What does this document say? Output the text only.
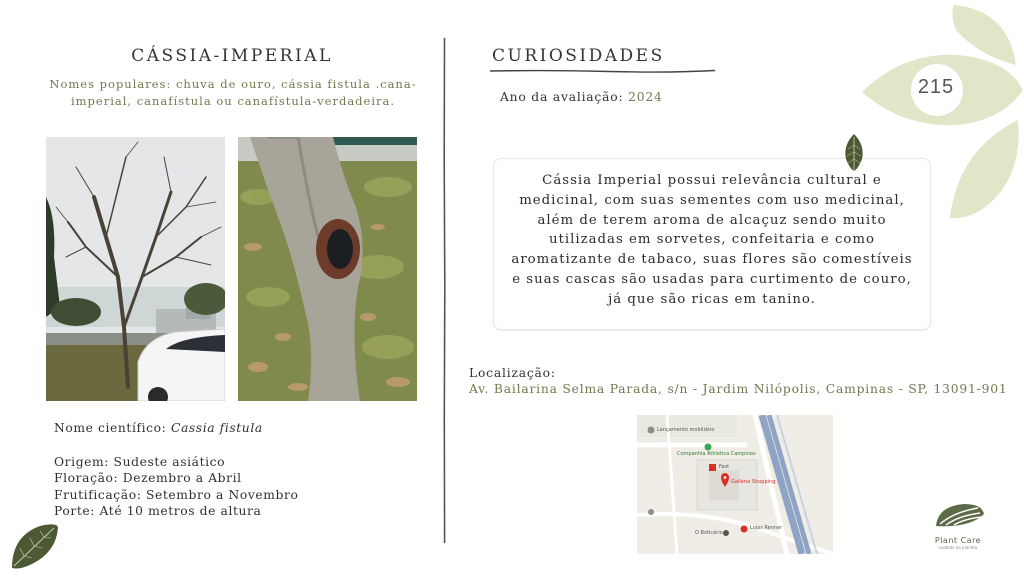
CÁSSIA-IMPERIAL
Nomes populares: chuva de ouro, cássia fistula .cana-imperial, canafístula ou canafístula-verdadeira.
Nome científico: Cassia fistula
Origem: Sudeste asiático
Floração: Dezembro a Abril
Frutificação: Setembro a Novembro
Porte: Até 10 metros de altura
CURIOSIDADES
Ano da avaliação: 2024
Cássia Imperial possui relevância cultural e medicinal, com suas sementes com uso medicinal, além de terem aroma de alcaçuz sendo muito utilizadas em sorvetes, confeitaria e como aromatizante de tabaco, suas flores são comestíveis e suas cascas são usadas para curtimento de couro, já que são ricas em tanino.
Localização:
Av. Bailarina Selma Parada, s/n - Jardim Nilópolis, Campinas - SP, 13091-901
Lançamento mobiliário
Companhia Athletica Campinas
Fast
Galleria Shopping
Lojas Renner
O Boticário
215
Plant Care
cuidado ao planeta
